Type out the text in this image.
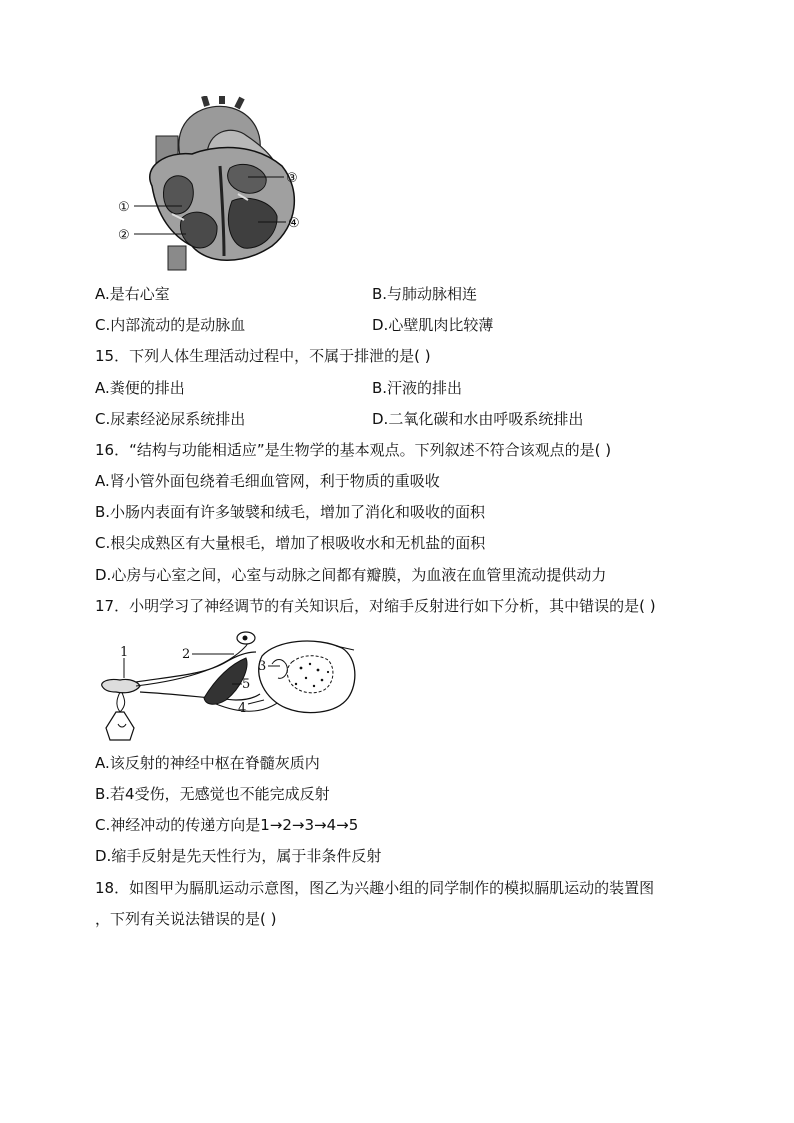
①
②
③
④
A.是右心室	B.与肺动脉相连
C.内部流动的是动脉血	D.心壁肌肉比较薄
15．下列人体生理活动过程中，不属于排泄的是( )
A.粪便的排出	B.汗液的排出
C.尿素经泌尿系统排出	D.二氧化碳和水由呼吸系统排出
16．“结构与功能相适应”是生物学的基本观点。下列叙述不符合该观点的是( )
A.肾小管外面包绕着毛细血管网，利于物质的重吸收
B.小肠内表面有许多皱襞和绒毛，增加了消化和吸收的面积
C.根尖成熟区有大量根毛，增加了根吸收水和无机盐的面积
D.心房与心室之间，心室与动脉之间都有瓣膜，为血液在血管里流动提供动力
17．小明学习了神经调节的有关知识后，对缩手反射进行如下分析，其中错误的是( )
1	2
3
4
5
A.该反射的神经中枢在脊髓灰质内
B.若4受伤，无感觉也不能完成反射
C.神经冲动的传递方向是1→2→3→4→5
D.缩手反射是先天性行为，属于非条件反射
18．如图甲为膈肌运动示意图，图乙为兴趣小组的同学制作的模拟膈肌运动的装置图
，下列有关说法错误的是( )
